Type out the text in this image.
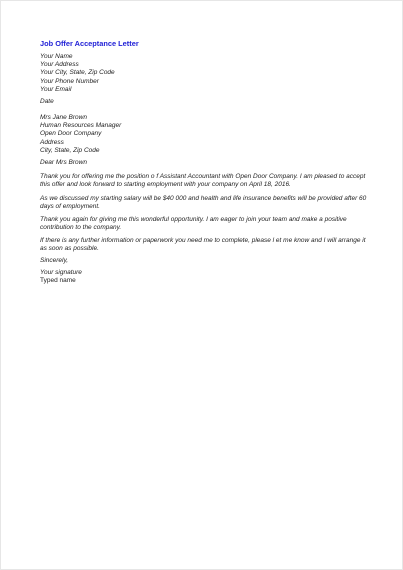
Job Offer Acceptance Letter
Your Name
Your Address
Your City, State, Zip Code
Your Phone Number
Your Email
Date
Mrs Jane Brown
Human Resources Manager
Open Door Company
Address
City, State, Zip Code
Dear Mrs Brown
Thank you for offering me the position o f Assistant Accountant with Open Door Company. I am pleased to accept this offer and look forward to starting employment with your company on April 18, 2016.
As we discussed my starting salary will be $40 000 and health and life insurance benefits will be provided after 60 days of employment.
Thank you again for giving me this wonderful opportunity. I am eager to join your team and make a positive contribution to the company.
If there is any further information or paperwork you need me to complete, please l et me know and I will arrange it as soon as possible.
Sincerely,
Your signature
Typed name
